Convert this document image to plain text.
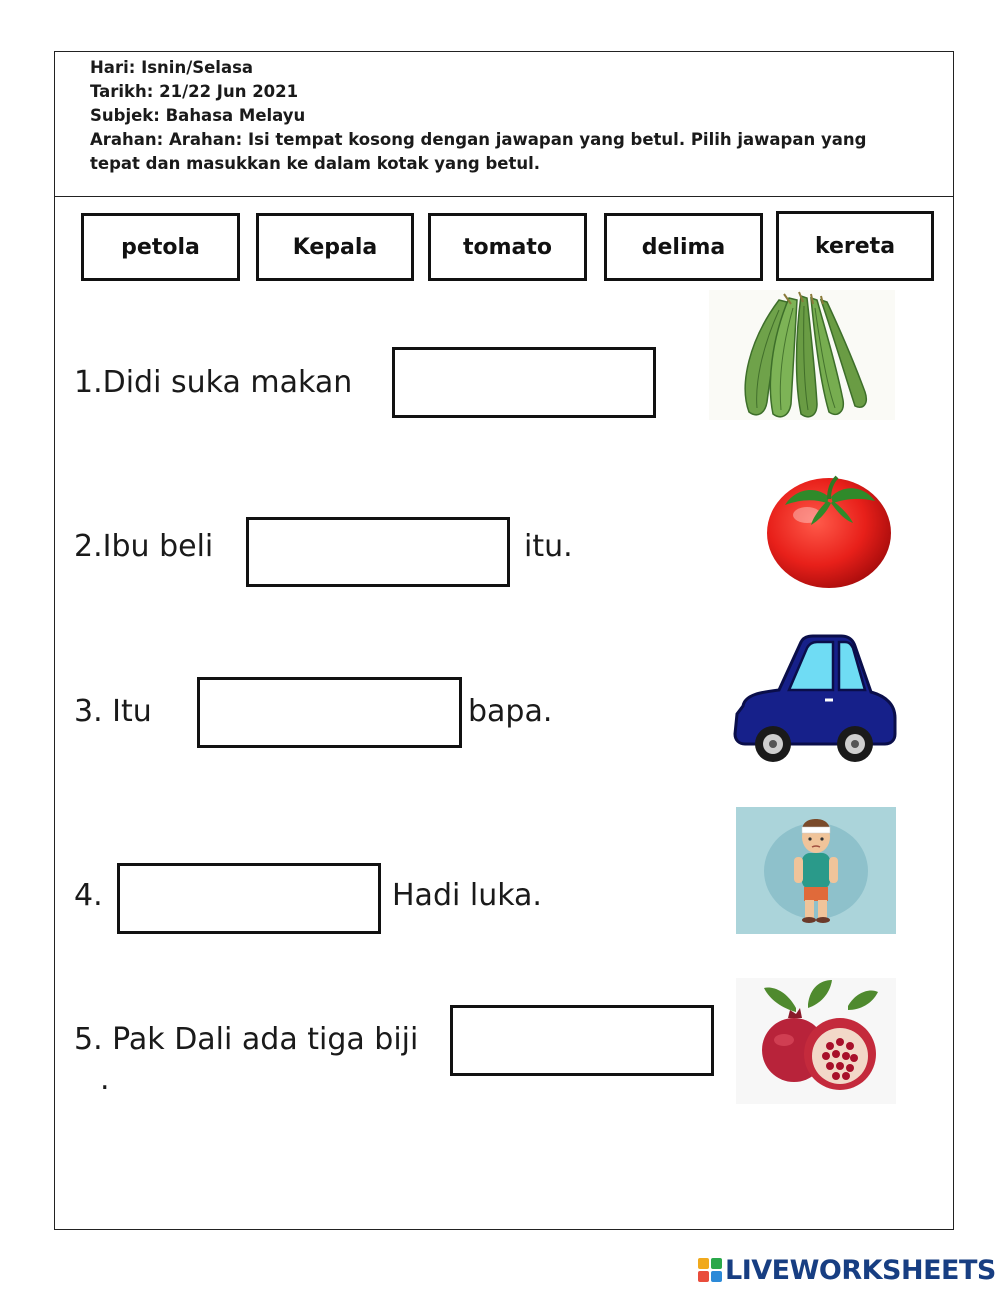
Hari: Isnin/Selasa
Tarikh: 21/22 Jun 2021
Subjek: Bahasa Melayu
Arahan: Arahan: Isi tempat kosong dengan jawapan yang betul. Pilih jawapan yang tepat dan masukkan ke dalam kotak yang betul.
petola	Kepala	tomato	delima	kereta
1.Didi suka makan
2.Ibu beli	itu.
3. Itu	bapa.
4.	Hadi luka.
5. Pak Dali ada tiga biji
.
LIVEWORKSHEETS
